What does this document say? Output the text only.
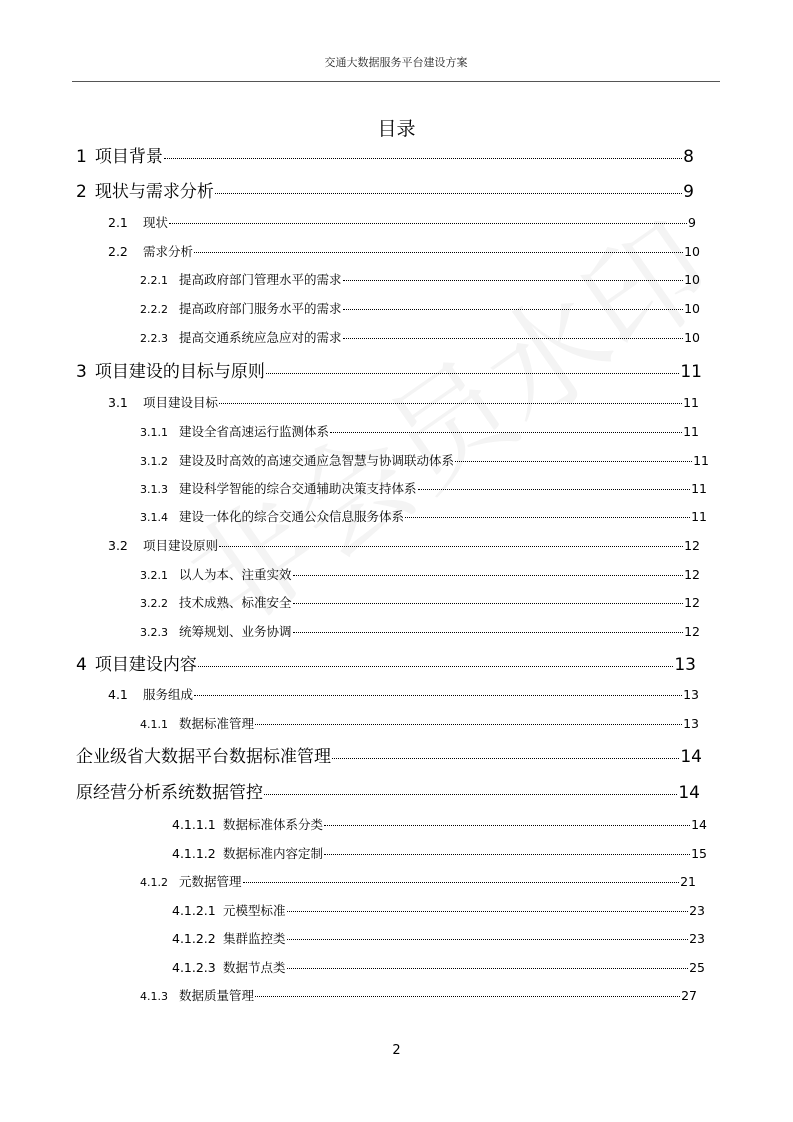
交通大数据服务平台建设方案
目录
1 项目背景	8
2 现状与需求分析	9
2.1	现状	9
2.2	需求分析	10
2.2.1 提高政府部门管理水平的需求	10
2.2.2 提高政府部门服务水平的需求	10
2.2.3 提高交通系统应急应对的需求	10
3 项目建设的目标与原则	11
3.1	项目建设目标	11
3.1.1 建设全省高速运行监测体系	11
3.1.2 建设及时高效的高速交通应急智慧与协调联动体系	11
3.1.3 建设科学智能的综合交通辅助决策支持体系	11
3.1.4 建设一体化的综合交通公众信息服务体系	11
3.2	项目建设原则	12
3.2.1 以人为本、注重实效	12
3.2.2 技术成熟、标准安全	12
3.2.3 统筹规划、业务协调	12
4 项目建设内容	13
4.1	服务组成	13
4.1.1 数据标准管理	13
企业级省大数据平台数据标准管理	14
原经营分析系统数据管控	14
4.1.1.1 数据标准体系分类	14
4.1.1.2 数据标准内容定制	15
4.1.2 元数据管理	21
4.1.2.1 元模型标准	23
4.1.2.2 集群监控类	23
4.1.2.3 数据节点类	25
4.1.3 数据质量管理	27
2
